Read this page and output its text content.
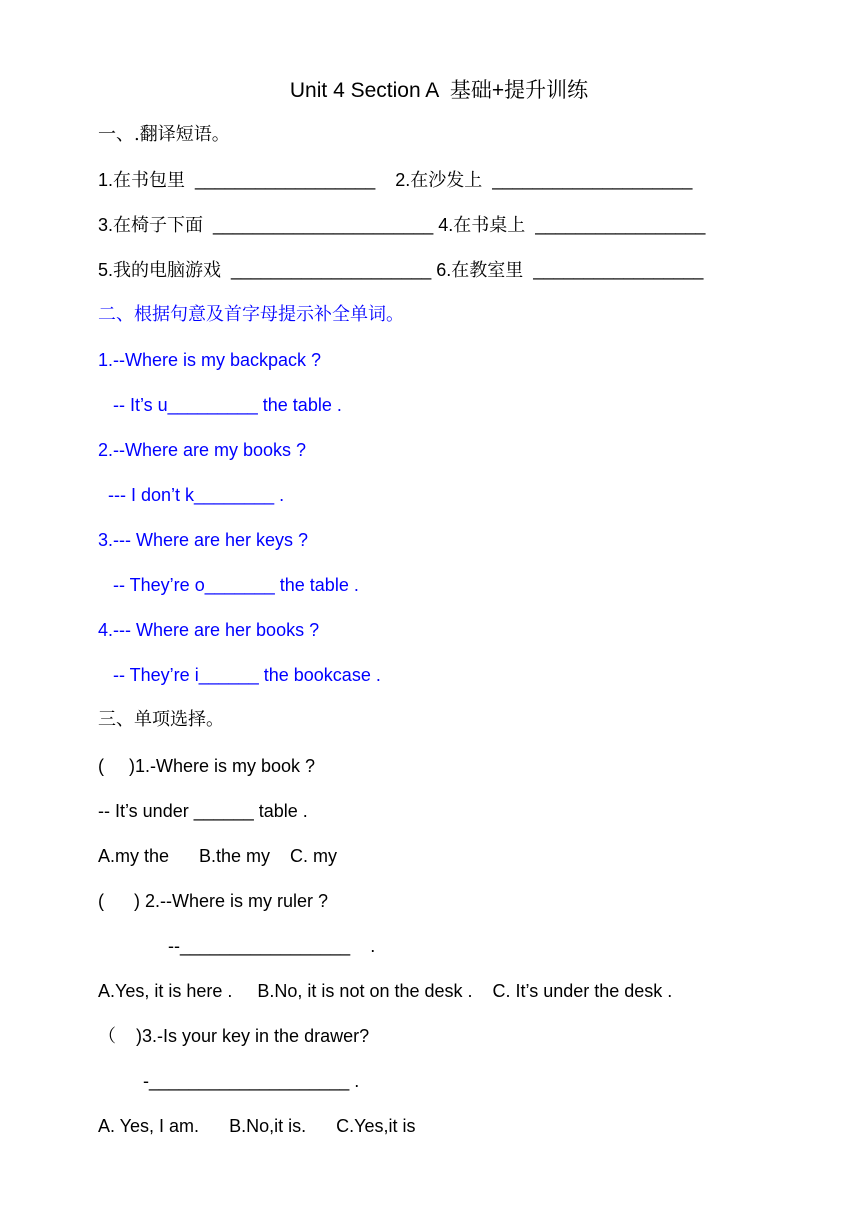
Unit 4 Section A  基础+提升训练
一、.翻译短语。
1.在书包里  __________________    2.在沙发上  ____________________
3.在椅子下面  ______________________ 4.在书桌上  _________________
5.我的电脑游戏  ____________________ 6.在教室里  _________________
二、根据句意及首字母提示补全单词。
1.--Where is my backpack ?
-- It’s u_________ the table .
2.--Where are my books ?
--- I don’t k________ .
3.--- Where are her keys ?
-- They’re o_______ the table .
4.--- Where are her books ?
-- They’re i______ the bookcase .
三、单项选择。
(     )1.-Where is my book ?
-- It’s under ______ table .
A.my the      B.the my    C. my
(      ) 2.--Where is my ruler ?
--_________________    .
A.Yes, it is here .     B.No, it is not on the desk .    C. It’s under the desk .
（    )3.-Is your key in the drawer?
-____________________ .
A. Yes, I am.      B.No,it is.      C.Yes,it is
